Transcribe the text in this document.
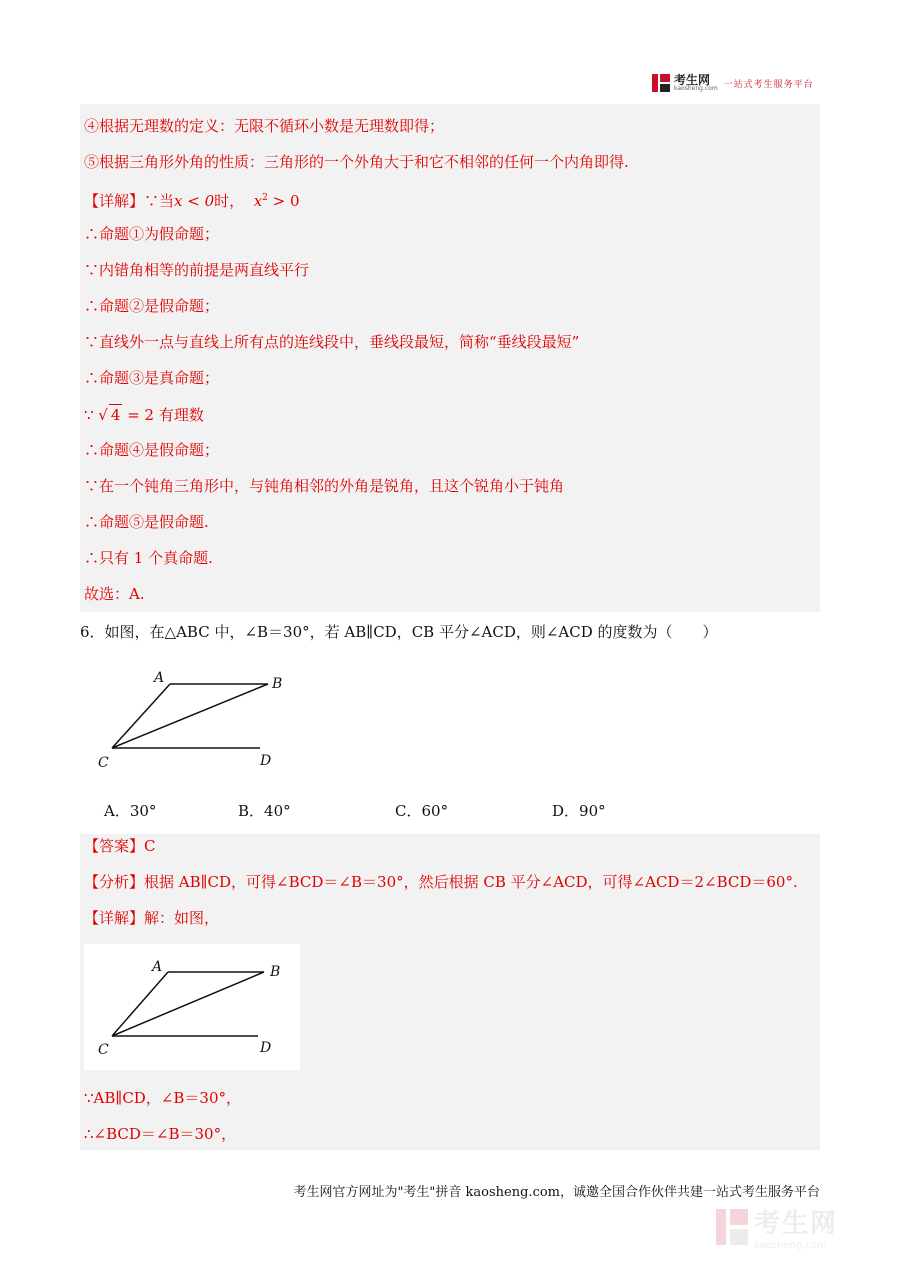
考生网
kaosheng.com 一站式考生服务平台
④根据无理数的定义：无限不循环小数是无理数即得；
⑤根据三角形外角的性质：三角形的一个外角大于和它不相邻的任何一个内角即得.
【详解】∵当x < 0时， $x^2 > 0$
∴命题①为假命题；
∵内错角相等的前提是两直线平行
∴命题②是假命题；
∵直线外一点与直线上所有点的连线段中，垂线段最短，简称“垂线段最短”
∴命题③是真命题；
∵ √ 4 = 2 有理数
∴命题④是假命题；
∵在一个钝角三角形中，与钝角相邻的外角是锐角，且这个锐角小于钝角
∴命题⑤是假命题.
∴只有 1 个真命题.
故选：A.
6．如图，在△ABC 中，∠B＝30°，若 AB∥CD，CB 平分∠ACD，则∠ACD 的度数为（　　）
A	B
C	D
A．30°	B．40°	C．60°	D．90°
【答案】C
【分析】根据 AB∥CD，可得∠BCD＝∠B＝30°，然后根据 CB 平分∠ACD，可得∠ACD＝2∠BCD＝60°.
【详解】解：如图，
A	B
C	D
∵AB∥CD，∠B＝30°，
∴∠BCD＝∠B＝30°，
考生网官方网址为"考生"拼音 kaosheng.com，诚邀全国合作伙伴共建一站式考生服务平台
考生网
kaosheng.com
